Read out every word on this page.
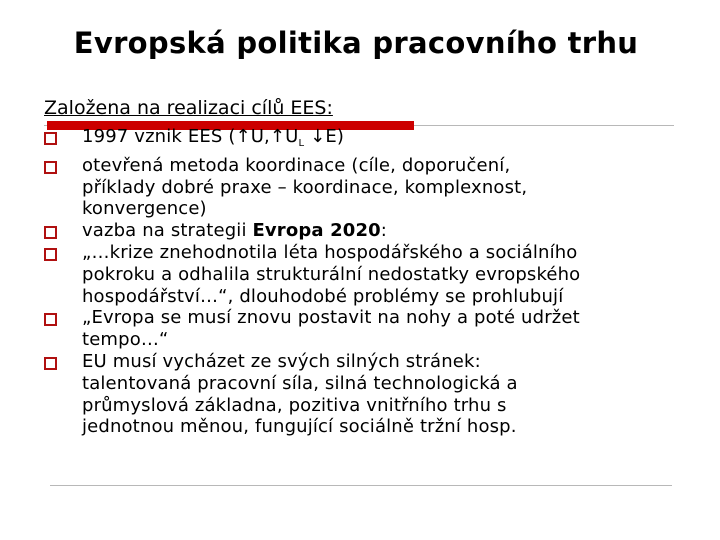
Evropská politika pracovního trhu
Založena na realizaci cílů EES:
1997 vznik EES ($↑U,↑U_L$ ↓E)
otevřená metoda koordinace (cíle, doporučení,
příklady dobré praxe – koordinace, komplexnost,
konvergence)
vazba na strategii Evropa 2020:
„…krize znehodnotila léta hospodářského a sociálního
pokroku a odhalila strukturální nedostatky evropského
hospodářství…“, dlouhodobé problémy se prohlubují
„Evropa se musí znovu postavit na nohy a poté udržet
tempo…“
EU musí vycházet ze svých silných stránek:
talentovaná pracovní síla, silná technologická a
průmyslová základna, pozitiva vnitřního trhu s
jednotnou měnou, fungující sociálně tržní hosp.
